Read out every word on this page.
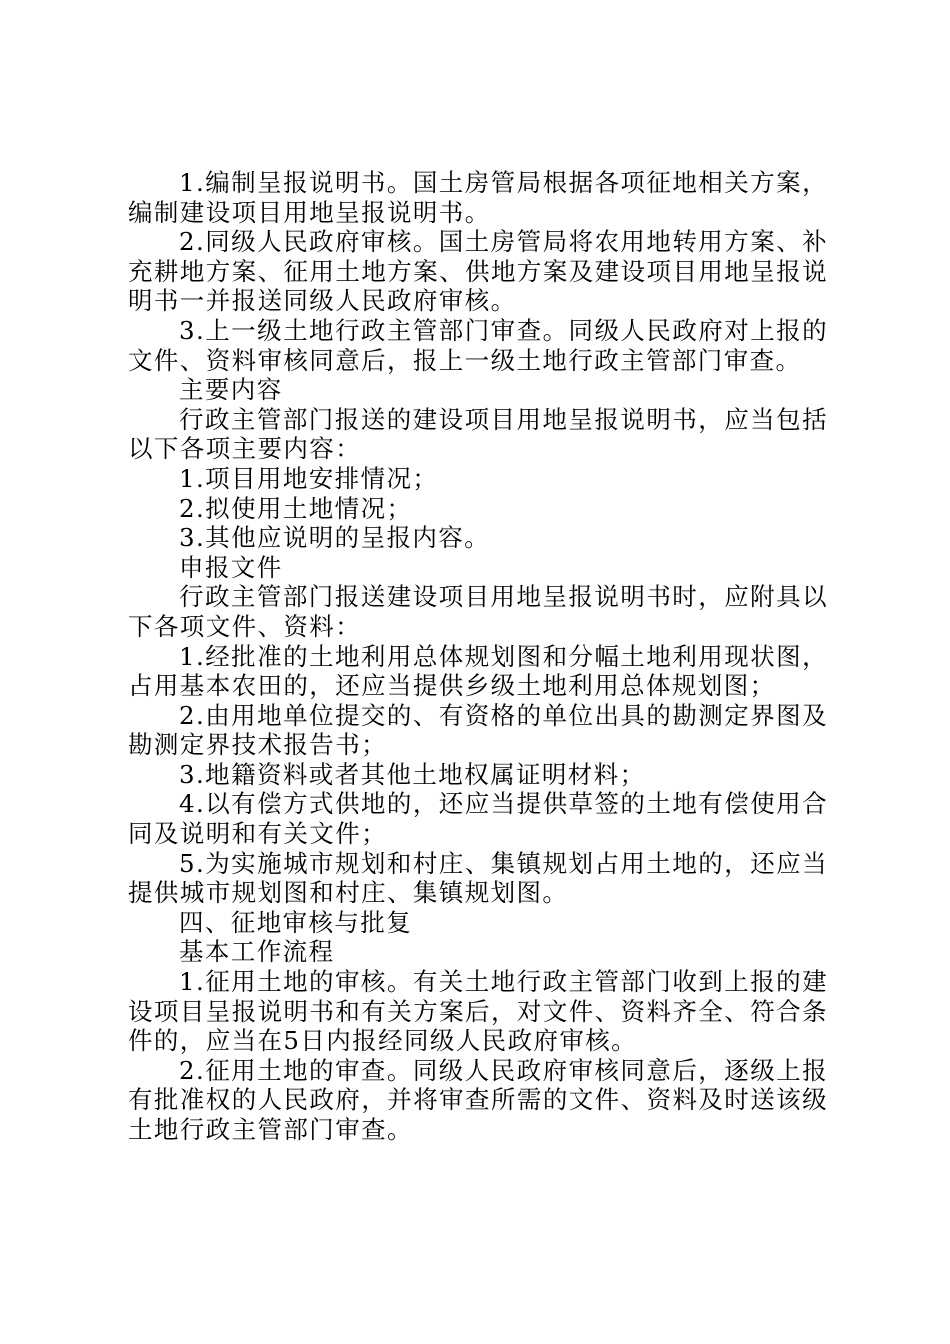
1.编制呈报说明书。国土房管局根据各项征地相关方案，编制建设项目用地呈报说明书。

2.同级人民政府审核。国土房管局将农用地转用方案、补充耕地方案、征用土地方案、供地方案及建设项目用地呈报说明书一并报送同级人民政府审核。

3.上一级土地行政主管部门审查。同级人民政府对上报的文件、资料审核同意后，报上一级土地行政主管部门审查。

主要内容

行政主管部门报送的建设项目用地呈报说明书，应当包括以下各项主要内容：

1.项目用地安排情况；

2.拟使用土地情况；

3.其他应说明的呈报内容。

申报文件

行政主管部门报送建设项目用地呈报说明书时，应附具以下各项文件、资料：

1.经批准的土地利用总体规划图和分幅土地利用现状图，占用基本农田的，还应当提供乡级土地利用总体规划图；

2.由用地单位提交的、有资格的单位出具的勘测定界图及勘测定界技术报告书；

3.地籍资料或者其他土地权属证明材料；

4.以有偿方式供地的，还应当提供草签的土地有偿使用合同及说明和有关文件；

5.为实施城市规划和村庄、集镇规划占用土地的，还应当提供城市规划图和村庄、集镇规划图。

四、征地审核与批复

基本工作流程

1.征用土地的审核。有关土地行政主管部门收到上报的建设项目呈报说明书和有关方案后，对文件、资料齐全、符合条件的，应当在5日内报经同级人民政府审核。

2.征用土地的审查。同级人民政府审核同意后，逐级上报有批准权的人民政府，并将审查所需的文件、资料及时送该级土地行政主管部门审查。
